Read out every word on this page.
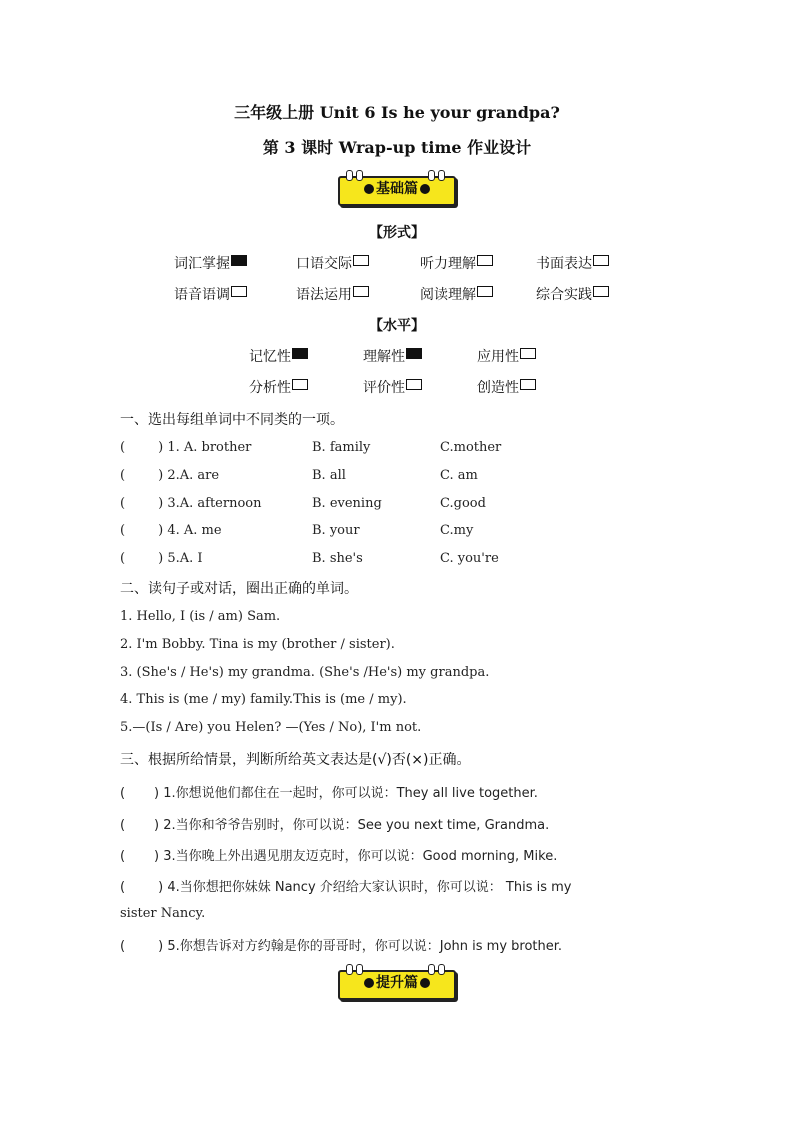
三年级上册 Unit 6 Is he your grandpa?
第 3 课时 Wrap-up time 作业设计
基础篇
【形式】
词汇掌握	口语交际	听力理解	书面表达
语音语调	语法运用	阅读理解	综合实践
【水平】
记忆性	理解性	应用性
分析性	评价性	创造性
一、选出每组单词中不同类的一项。
(        ) 1. A. brother	B. family	C.mother
(        ) 2.A. are	B. all	C. am
(        ) 3.A. afternoon	B. evening	C.good
(        ) 4. A. me	B. your	C.my
(        ) 5.A. I	B. she's	C. you're
二、读句子或对话，圈出正确的单词。
1. Hello, I (is / am) Sam.
2. I'm Bobby. Tina is my (brother / sister).
3. (She's / He's) my grandma. (She's /He's) my grandpa.
4. This is (me / my) family.This is (me / my).
5.—(Is / Are) you Helen? —(Yes / No), I'm not.
三、根据所给情景，判断所给英文表达是(√)否(×)正确。
(       ) 1.你想说他们都住在一起时，你可以说：They all live together.
(       ) 2.当你和爷爷告别时，你可以说：See you next time, Grandma.
(       ) 3.当你晚上外出遇见朋友迈克时，你可以说：Good morning, Mike.
(        ) 4.当你想把你妹妹 Nancy 介绍给大家认识时，你可以说： This is my
sister Nancy.
(        ) 5.你想告诉对方约翰是你的哥哥时，你可以说：John is my brother.
提升篇
